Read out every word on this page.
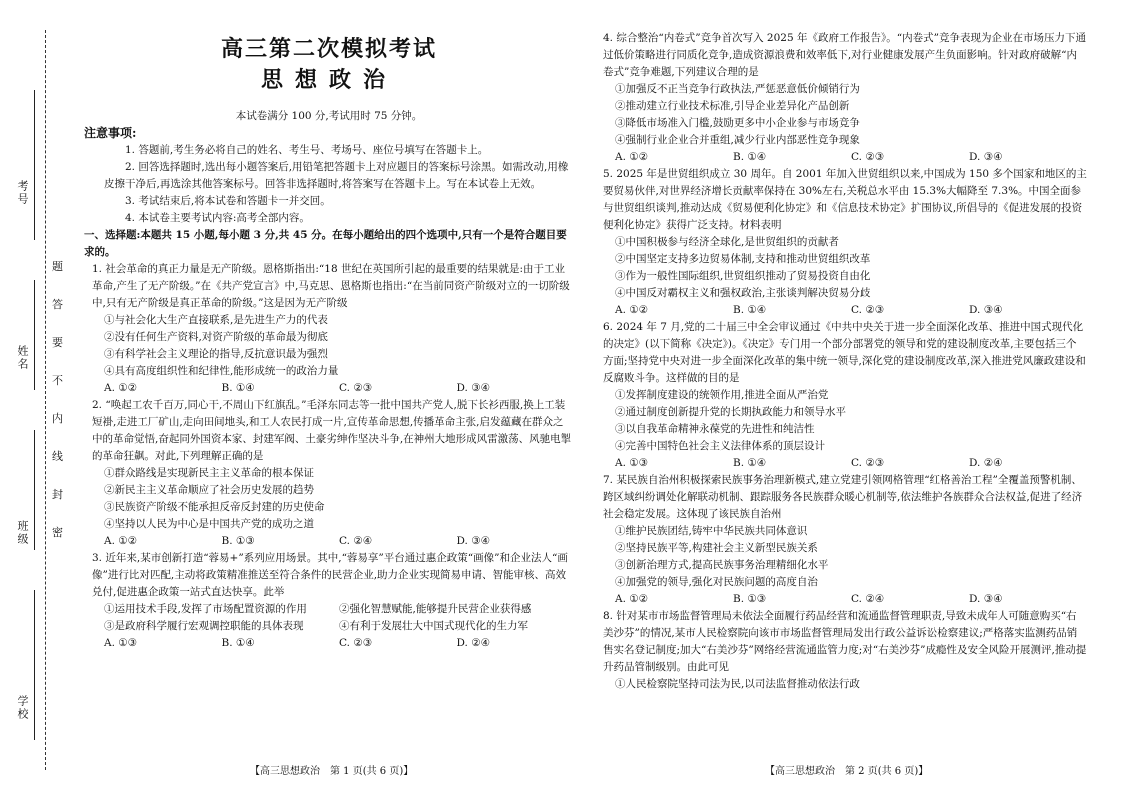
考号
姓名
班级
学校
题
答
要
不
内
线
封
密
高三第二次模拟考试
思想政治

本试卷满分 100 分,考试用时 75 分钟。

注意事项:

1. 答题前,考生务必将自己的姓名、考生号、考场号、座位号填写在答题卡上。

2. 回答选择题时,选出每小题答案后,用铅笔把答题卡上对应题目的答案标号涂黑。如需改动,用橡皮擦干净后,再选涂其他答案标号。回答非选择题时,将答案写在答题卡上。写在本试卷上无效。

3. 考试结束后,将本试卷和答题卡一并交回。

4. 本试卷主要考试内容:高考全部内容。

一、选择题:本题共 15 小题,每小题 3 分,共 45 分。在每小题给出的四个选项中,只有一个是符合题目要求的。

1. 社会革命的真正力量是无产阶级。恩格斯指出:“18 世纪在英国所引起的最重要的结果就是:由于工业革命,产生了无产阶级。”在《共产党宣言》中,马克思、恩格斯也指出:“在当前同资产阶级对立的一切阶级中,只有无产阶级是真正革命的阶级。”这是因为无产阶级

①与社会化大生产直接联系,是先进生产力的代表

②没有任何生产资料,对资产阶级的革命最为彻底

③有科学社会主义理论的指导,反抗意识最为强烈

④具有高度组织性和纪律性,能形成统一的政治力量

A. ①②	B. ①④	C. ②③	D. ③④

2. “唤起工农千百万,同心干,不周山下红旗乱。”毛泽东同志等一批中国共产党人,脱下长衫西服,换上工装短褂,走进工厂矿山,走向田间地头,和工人农民打成一片,宣传革命思想,传播革命主张,启发蕴藏在群众之中的革命觉悟,奋起同外国资本家、封建军阀、土豪劣绅作坚决斗争,在神州大地形成风雷激荡、风驰电掣的革命狂飙。对此,下列理解正确的是

①群众路线是实现新民主主义革命的根本保证

②新民主主义革命顺应了社会历史发展的趋势

③民族资产阶级不能承担反帝反封建的历史使命

④坚持以人民为中心是中国共产党的成功之道

A. ①②	B. ①③	C. ②④	D. ③④

3. 近年来,某市创新打造“蓉易+”系列应用场景。其中,“蓉易享”平台通过惠企政策“画像”和企业法人“画像”进行比对匹配,主动将政策精准推送至符合条件的民营企业,助力企业实现简易申请、智能审核、高效兑付,促进惠企政策一站式直达快享。此举

①运用技术手段,发挥了市场配置资源的作用	②强化智慧赋能,能够提升民营企业获得感

③是政府科学履行宏观调控职能的具体表现	④有利于发展壮大中国式现代化的生力军

A. ①③	B. ①④	C. ②③	D. ②④

4. 综合整治“内卷式”竞争首次写入 2025 年《政府工作报告》。“内卷式”竞争表现为企业在市场压力下通过低价策略进行同质化竞争,造成资源浪费和效率低下,对行业健康发展产生负面影响。针对政府破解“内卷式”竞争难题,下列建议合理的是

①加强反不正当竞争行政执法,严惩恶意低价倾销行为

②推动建立行业技术标准,引导企业差异化产品创新

③降低市场准入门槛,鼓励更多中小企业参与市场竞争

④强制行业企业合并重组,减少行业内部恶性竞争现象

A. ①②	B. ①④	C. ②③	D. ③④

5. 2025 年是世贸组织成立 30 周年。自 2001 年加入世贸组织以来,中国成为 150 多个国家和地区的主要贸易伙伴,对世界经济增长贡献率保持在 30%左右,关税总水平由 15.3%大幅降至 7.3%。中国全面参与世贸组织谈判,推动达成《贸易便利化协定》和《信息技术协定》扩围协议,所倡导的《促进发展的投资便利化协定》获得广泛支持。材料表明

①中国积极参与经济全球化,是世贸组织的贡献者

②中国坚定支持多边贸易体制,支持和推动世贸组织改革

③作为一般性国际组织,世贸组织推动了贸易投资自由化

④中国反对霸权主义和强权政治,主张谈判解决贸易分歧

A. ①②	B. ①④	C. ②③	D. ③④

6. 2024 年 7 月,党的二十届三中全会审议通过《中共中央关于进一步全面深化改革、推进中国式现代化的决定》(以下简称《决定》)。《决定》专门用一个部分部署党的领导和党的建设制度改革,主要包括三个方面;坚持党中央对进一步全面深化改革的集中统一领导,深化党的建设制度改革,深入推进党风廉政建设和反腐败斗争。这样做的目的是

①发挥制度建设的统领作用,推进全面从严治党

②通过制度创新提升党的长期执政能力和领导水平

③以自我革命精神永葆党的先进性和纯洁性

④完善中国特色社会主义法律体系的顶层设计

A. ①③	B. ①④	C. ②③	D. ②④

7. 某民族自治州积极探索民族事务治理新模式,建立党建引领网格管理“红格善治工程”全覆盖预警机制、跨区域纠纷调处化解联动机制、跟踪服务各民族群众暖心机制等,依法维护各族群众合法权益,促进了经济社会稳定发展。这体现了该民族自治州

①维护民族团结,铸牢中华民族共同体意识

②坚持民族平等,构建社会主义新型民族关系

③创新治理方式,提高民族事务治理精细化水平

④加强党的领导,强化对民族问题的高度自治

A. ①②	B. ①③	C. ②④	D. ③④

8. 针对某市市场监督管理局未依法全面履行药品经营和流通监督管理职责,导致未成年人可随意购买“右美沙芬”的情况,某市人民检察院向该市市场监督管理局发出行政公益诉讼检察建议;严格落实监测药品销售实名登记制度;加大“右美沙芬”网络经营流通监管力度;对“右美沙芬”成瘾性及安全风险开展测评,推动提升药品管制级别。由此可见

①人民检察院坚持司法为民,以司法监督推动依法行政

【高三思想政治　第 1 页(共 6 页)】	【高三思想政治　第 2 页(共 6 页)】
